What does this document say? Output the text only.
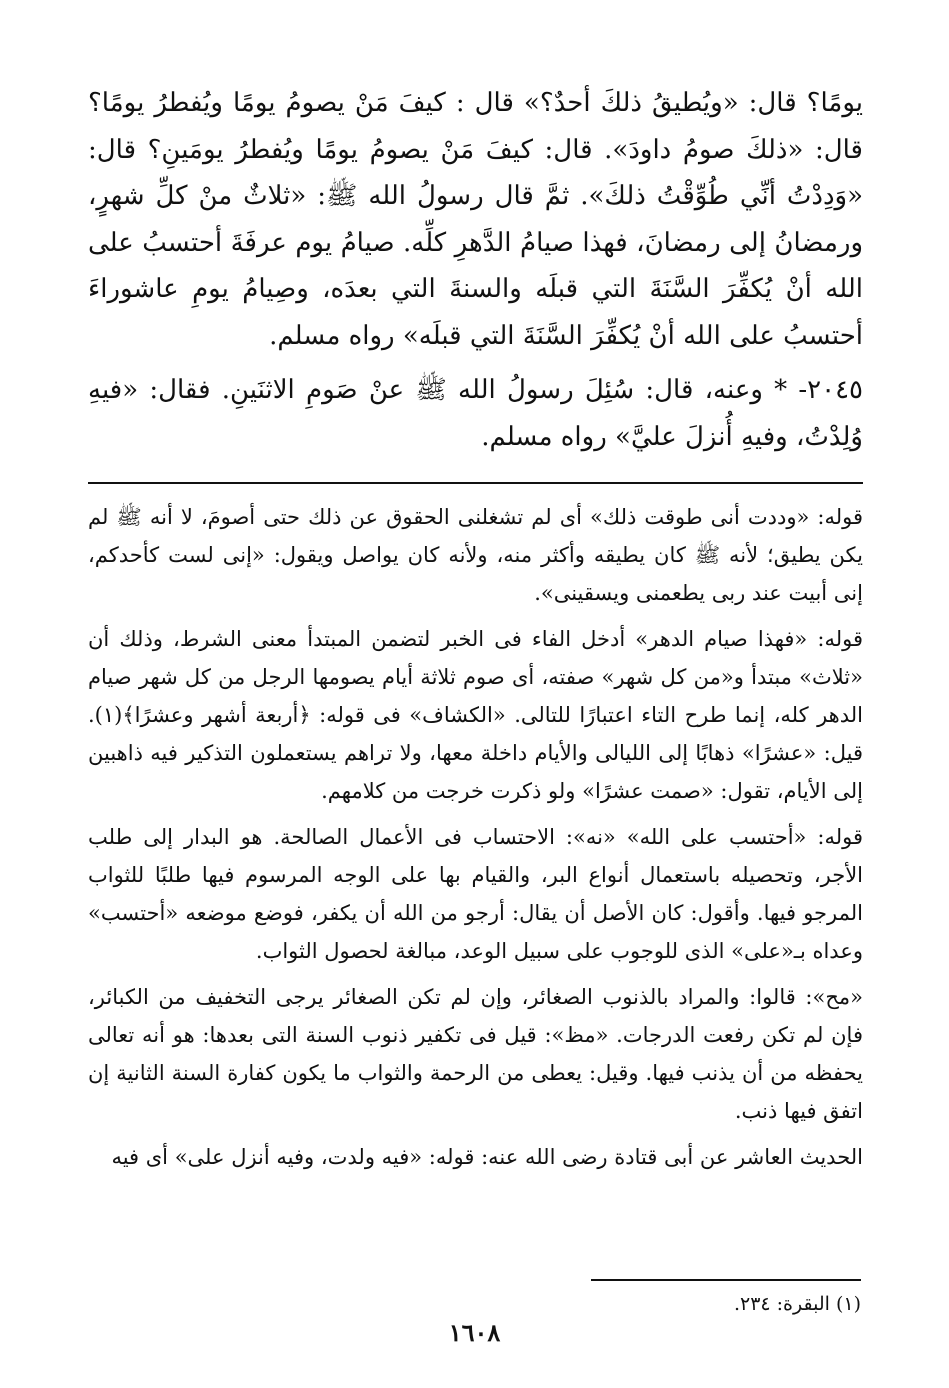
يومًا؟ قال: «ويُطيقُ ذلكَ أحدٌ؟» قال : كيفَ مَنْ يصومُ يومًا ويُفطرُ يومًا؟ قال: «ذلكَ صومُ داودَ». قال: كيفَ مَنْ يصومُ يومًا ويُفطرُ يومَينِ؟ قال: «وَدِدْتُ أنِّي طُوِّقْتُ ذلكَ». ثمَّ قال رسولُ الله ﷺ: «ثلاثٌ منْ كلِّ شهرٍ، ورمضانُ إلى رمضانَ، فهذا صيامُ الدَّهرِ كلِّه. صيامُ يوم عرفَةَ أحتسبُ على الله أنْ يُكفِّرَ السَّنَةَ التي قبلَه والسنةَ التي بعدَه، وصِيامُ يومِ عاشوراءَ أحتسبُ على الله أنْ يُكفِّرَ السَّنَةَ التي قبلَه» رواه مسلم.

٢٠٤٥- * وعنه، قال: سُئِلَ رسولُ الله ﷺ عنْ صَومِ الاثنَينِ. فقال: «فيهِ وُلِدْتُ، وفيهِ أُنزلَ عليَّ» رواه مسلم.

قوله: «وددت أنى طوقت ذلك» أى لم تشغلنى الحقوق عن ذلك حتى أصومَ، لا أنه ﷺ لم يكن يطيق؛ لأنه ﷺ كان يطيقه وأكثر منه، ولأنه كان يواصل ويقول: «إنى لست كأحدكم، إنى أبيت عند ربى يطعمنى ويسقينى».

قوله: «فهذا صيام الدهر» أدخل الفاء فى الخبر لتضمن المبتدأ معنى الشرط، وذلك أن «ثلاث» مبتدأ و«من كل شهر» صفته، أى صوم ثلاثة أيام يصومها الرجل من كل شهر صيام الدهر كله، إنما طرح التاء اعتبارًا للتالى. «الكشاف» فى قوله: ﴿أربعة أشهر وعشرًا﴾(١). قيل: «عشرًا» ذهابًا إلى الليالى والأيام داخلة معها، ولا تراهم يستعملون التذكير فيه ذاهبين إلى الأيام، تقول: «صمت عشرًا» ولو ذكرت خرجت من كلامهم.

قوله: «أحتسب على الله» «نه»: الاحتساب فى الأعمال الصالحة. هو البدار إلى طلب الأجر، وتحصيله باستعمال أنواع البر، والقيام بها على الوجه المرسوم فيها طلبًا للثواب المرجو فيها. وأقول: كان الأصل أن يقال: أرجو من الله أن يكفر، فوضع موضعه «أحتسب» وعداه بـ«على» الذى للوجوب على سبيل الوعد، مبالغة لحصول الثواب.

«مح»: قالوا: والمراد بالذنوب الصغائر، وإن لم تكن الصغائر يرجى التخفيف من الكبائر، فإن لم تكن رفعت الدرجات. «مظ»: قيل فى تكفير ذنوب السنة التى بعدها: هو أنه تعالى يحفظه من أن يذنب فيها. وقيل: يعطى من الرحمة والثواب ما يكون كفارة السنة الثانية إن اتفق فيها ذنب.

الحديث العاشر عن أبى قتادة رضى الله عنه: قوله: «فيه ولدت، وفيه أنزل على» أى فيه

(١) البقرة: ٢٣٤.
١٦٠٨
